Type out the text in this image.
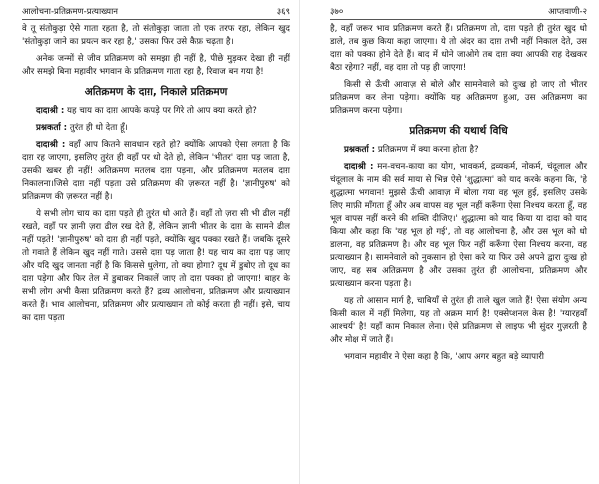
आलोचना-प्रतिक्रमण-प्रत्याख्यान	३६९

वे तू संतोकुड़ा ऐसे गाता रहता है, तो संतोकुड़ा जाता तो एक तरफ रहा, लेकिन खुद 'संतोकुड़ा जाने का प्रयत्न कर रहा है,' उसका फिर उसे कैफ़ चढ़ता है।

अनेक जन्मों से जीव प्रतिक्रमण को समझा ही नहीं है, पीछे मुड़कर देखा ही नहीं और समझे बिना महावीर भगवान के प्रतिक्रमण गाता रहा है, रिवाज बन गया है!

अतिक्रमण के दाग़, निकाले प्रतिक्रमण

दादाश्री : यह चाय का दाग़ आपके कपड़े पर गिरे तो आप क्या करते हो?

प्रश्नकर्ता : तुरंत ही धो देता हूँ।

दादाश्री : वहाँ आप कितने सावधान रहते हो? क्योंकि आपको ऐसा लगता है कि दाग़ रह जाएगा, इसलिए तुरंत ही वहाँ पर धो देते हो, लेकिन 'भीतर' दाग़ पड़ जाता है, उसकी खबर ही नहीं! अतिक्रमण मतलब दाग़ पड़ना, और प्रतिक्रमण मतलब दाग़ निकालना।जिसे दाग़ नहीं पड़ता उसे प्रतिक्रमण की ज़रूरत नहीं है। 'ज्ञानीपुरुष' को प्रतिक्रमण की ज़रूरत नहीं है।

ये सभी लोग चाय का दाग़ पड़ते ही तुरंत धो आते हैं। वहाँ तो ज़रा सी भी ढील नहीं रखते, वहाँ पर ज्ञानी ज़रा ढील रख देते हैं, लेकिन ज्ञानी भीतर के दाग़ के सामने ढील नहीं पड़ते! 'ज्ञानीपुरुष' को दाग़ ही नहीं पड़ते, क्योंकि खुद पक्का रखते हैं। जबकि दूसरे तो गवाते हैं लेकिन खुद नहीं गाते। उससे दाग़ पड़ जाता है! यह चाय का दाग़ पड़ जाए और यदि खुद जानता नहीं है कि किससे धुलेगा, तो क्या होगा? दूध में डुबोए तो दूध का दाग़ पड़ेगा और फिर तेल में डुबाकर निकालें जाए तो दाग़ पक्का हो जाएगा! बाहर के सभी लोग अभी कैसा प्रतिक्रमण करते हैं? द्रव्य आलोचना, प्रतिक्रमण और प्रत्याख्यान करते हैं। भाव आलोचना, प्रतिक्रमण और प्रत्याख्यान तो कोई करता ही नहीं। इसे, चाय का दाग़ पड़ता

३७०	आप्तवाणी-२

है, वहाँ जरूर भाव प्रतिक्रमण करते हैं। प्रतिक्रमण तो, दाग़ पड़ते ही तुरंत खुद धो डाले, तब कुछ किया कहा जाएगा। ये तो अंदर का दाग़ तभी नहीं निकाल देते, उस दाग़ को पक्का होने देते हैं। बाद में धोने जाओगे तब दाग़ क्या आपकी राह देखकर बैठा रहेगा? नहीं, वह दाग़ तो पड़ ही जाएगा!

किसी से ऊँची आवाज़ से बोले और सामनेवाले को दुःख हो जाए तो भीतर प्रतिक्रमण कर लेना पड़ेगा। क्योंकि यह अतिक्रमण हुआ, उस अतिक्रमण का प्रतिक्रमण करना पड़ेगा।

प्रतिक्रमण की यथार्थ विधि

प्रश्नकर्ता : प्रतिक्रमण में क्या करना होता है?

दादाश्री : मन-वचन-काया का योग, भावकर्म, द्रव्यकर्म, नोकर्म, चंदूलाल और चंदूलाल के नाम की सर्व माया से भिन्न ऐसे 'शुद्धात्मा' को याद करके कहना कि, 'हे शुद्धात्मा भगवान! मुझसे ऊँची आवाज़ में बोला गया वह भूल हुई, इसलिए उसके लिए माफ़ी माँगता हूँ और अब वापस वह भूल नहीं करूँगा ऐसा निश्चय करता हूँ, वह भूल वापस नहीं करने की शक्ति दीजिए।' शुद्धात्मा को याद किया या दादा को याद किया और कहा कि 'यह भूल हो गई', तो वह आलोचना है, और उस भूल को धो डालना, वह प्रतिक्रमण है। और वह भूल फिर नहीं करूँगा ऐसा निश्चय करना, वह प्रत्याख्यान है। सामनेवाले को नुकसान हो ऐसा करे या फिर उसे अपने द्वारा दुःख हो जाए, वह सब अतिक्रमण है और उसका तुरंत ही आलोचना, प्रतिक्रमण और प्रत्याख्यान करना पड़ता है।

यह तो आसान मार्ग है, चाबियाँ से तुरंत ही ताले खुल जाते हैं! ऐसा संयोग अन्य किसी काल में नहीं मिलेगा, यह तो अक्रम मार्ग है! एक्सेप्शनल केस है! 'ग्यारहवाँ आश्चर्य' है! यहाँ काम निकाल लेना। ऐसे प्रतिक्रमण से लाइफ भी सुंदर गुज़रती है और मोक्ष में जाते हैं।

भगवान महावीर ने ऐसा कहा है कि, 'आप अगर बहुत बड़े व्यापारी
